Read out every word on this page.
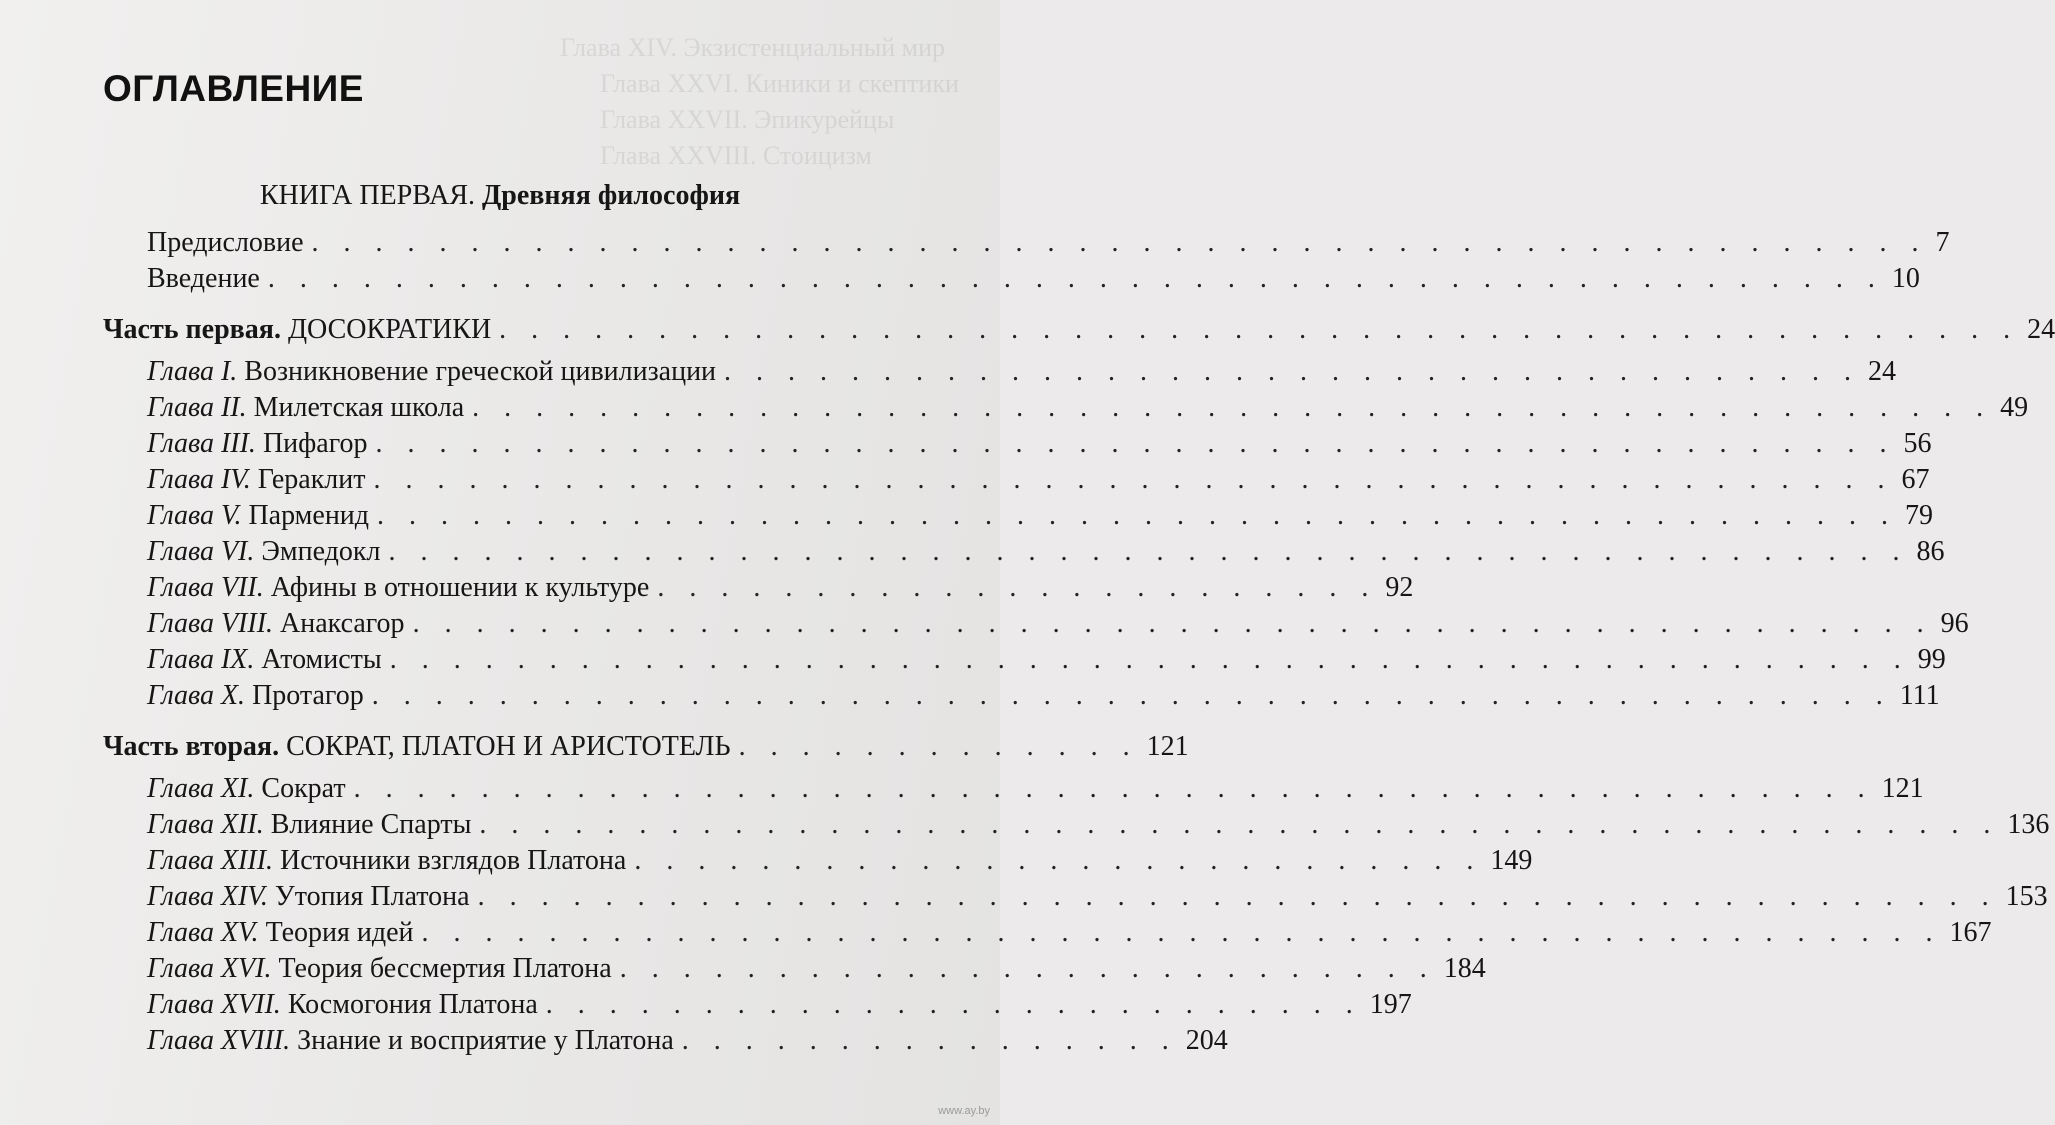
Глава XIV. Экзистенциальный мир
Глава XXVI. Киники и скептики
Глава XXVII. Эпикурейцы
Глава XXVIII. Стоицизм
ОГЛАВЛЕНИЕ
КНИГА ПЕРВАЯ. Древняя философия
Предисловие . . . . . . . . . . . . . . . . . . . . . . . . . . . . . . . . . . . . . . . . . . . . . . . . . . . 7
Введение . . . . . . . . . . . . . . . . . . . . . . . . . . . . . . . . . . . . . . . . . . . . . . . . . . . 10
Часть первая. ДОСОКРАТИКИ . . . . . . . . . . . . . . . . . . . . . . . . . . . . . . . . . . . . . . . . . . . . . . . . 24
Глава I. Возникновение греческой цивилизации . . . . . . . . . . . . . . . . . . . . . . . . . . . . . . . . . . . . 24
Глава II. Милетская школа . . . . . . . . . . . . . . . . . . . . . . . . . . . . . . . . . . . . . . . . . . . . . . . . 49
Глава III. Пифагор . . . . . . . . . . . . . . . . . . . . . . . . . . . . . . . . . . . . . . . . . . . . . . . . 56
Глава IV. Гераклит . . . . . . . . . . . . . . . . . . . . . . . . . . . . . . . . . . . . . . . . . . . . . . . . 67
Глава V. Парменид . . . . . . . . . . . . . . . . . . . . . . . . . . . . . . . . . . . . . . . . . . . . . . . . 79
Глава VI. Эмпедокл . . . . . . . . . . . . . . . . . . . . . . . . . . . . . . . . . . . . . . . . . . . . . . . . 86
Глава VII. Афины в отношении к культуре . . . . . . . . . . . . . . . . . . . . . . . 92
Глава VIII. Анаксагор . . . . . . . . . . . . . . . . . . . . . . . . . . . . . . . . . . . . . . . . . . . . . . . . 96
Глава IX. Атомисты . . . . . . . . . . . . . . . . . . . . . . . . . . . . . . . . . . . . . . . . . . . . . . . . 99
Глава X. Протагор . . . . . . . . . . . . . . . . . . . . . . . . . . . . . . . . . . . . . . . . . . . . . . . . 111
Часть вторая. СОКРАТ, ПЛАТОН И АРИСТОТЕЛЬ . . . . . . . . . . . . . 121
Глава XI. Сократ . . . . . . . . . . . . . . . . . . . . . . . . . . . . . . . . . . . . . . . . . . . . . . . . 121
Глава XII. Влияние Спарты . . . . . . . . . . . . . . . . . . . . . . . . . . . . . . . . . . . . . . . . . . . . . . . . 136
Глава XIII. Источники взглядов Платона . . . . . . . . . . . . . . . . . . . . . . . . . . . 149
Глава XIV. Утопия Платона . . . . . . . . . . . . . . . . . . . . . . . . . . . . . . . . . . . . . . . . . . . . . . . . 153
Глава XV. Теория идей . . . . . . . . . . . . . . . . . . . . . . . . . . . . . . . . . . . . . . . . . . . . . . . . 167
Глава XVI. Теория бессмертия Платона . . . . . . . . . . . . . . . . . . . . . . . . . . 184
Глава XVII. Космогония Платона . . . . . . . . . . . . . . . . . . . . . . . . . . 197
Глава XVIII. Знание и восприятие у Платона . . . . . . . . . . . . . . . . 204
www.ay.by
